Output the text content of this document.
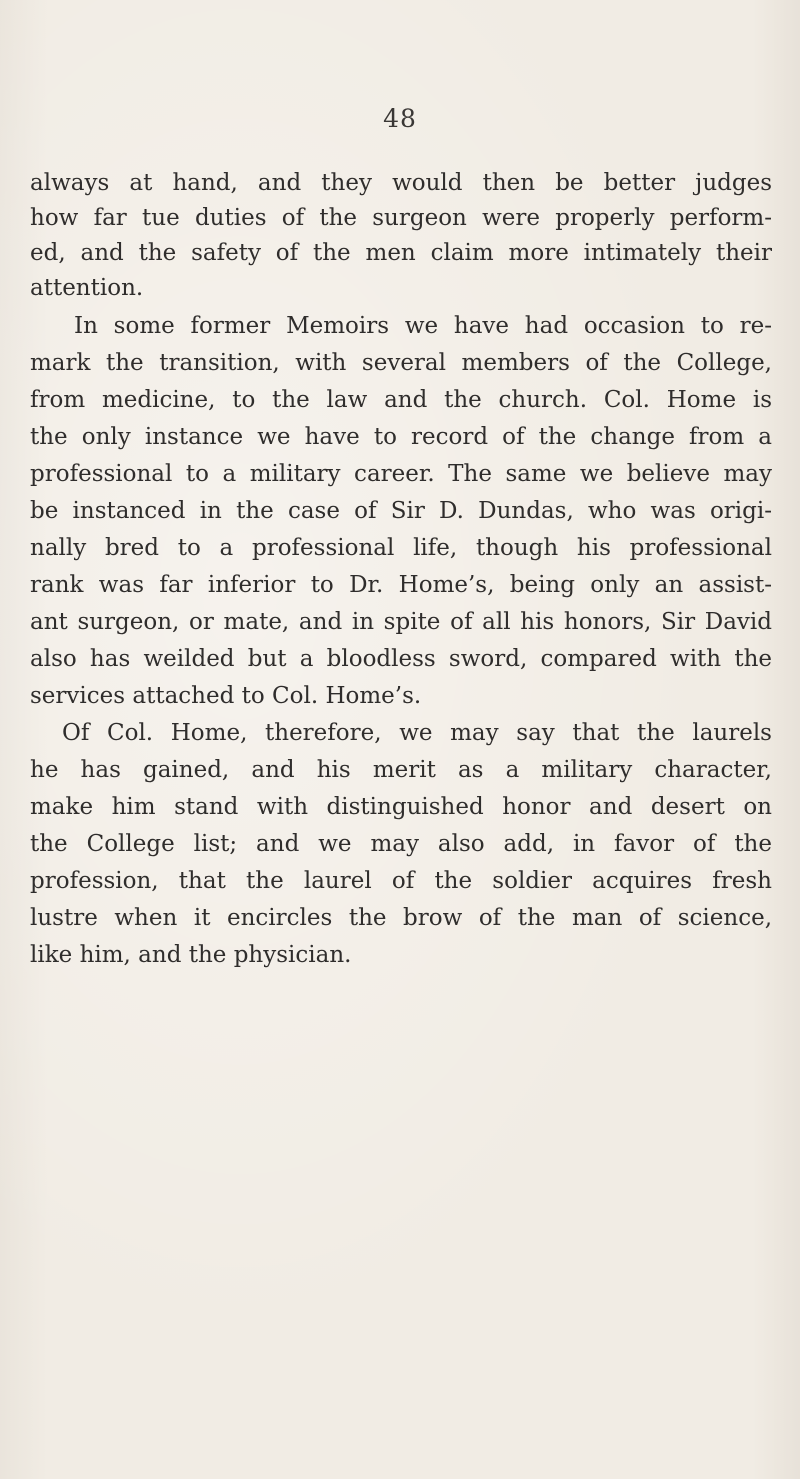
48
always at hand, and they would then be better judges
how far tue duties of the surgeon were properly perform-
ed, and the safety of the men claim more intimately their
attention.
In some former Memoirs we have had occasion to re-
mark the transition, with several members of the College,
from medicine, to the law and the church. Col. Home is
the only instance we have to record of the change from a
professional to a military career. The same we believe may
be instanced in the case of Sir D. Dundas, who was origi-
nally bred to a professional life, though his professional
rank was far inferior to Dr. Home’s, being only an assist-
ant surgeon, or mate, and in spite of all his honors, Sir David
also has weilded but a bloodless sword, compared with the
services attached to Col. Home’s.
Of Col. Home, therefore, we may say that the laurels
he has gained, and his merit as a military character,
make him stand with distinguished honor and desert on
the College list; and we may also add, in favor of the
profession, that the laurel of the soldier acquires fresh
lustre when it encircles the brow of the man of science,
like him, and the physician.
